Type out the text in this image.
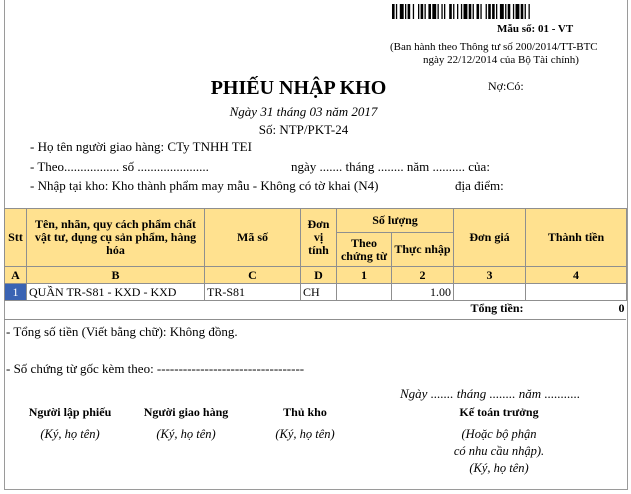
Mẫu số: 01 - VT
(Ban hành theo Thông tư số 200/2014/TT-BTC
ngày 22/12/2014 của Bộ Tài chính)
PHIẾU NHẬP KHO	Nợ:Có:
Ngày 31 tháng 03 năm 2017
Số: NTP/PKT-24
- Họ tên người giao hàng: CTy TNHH TEI
- Theo................. số ......................	ngày ....... tháng ........ năm .......... của:
- Nhập tại kho: Kho thành phẩm may mẫu - Không có tờ khai (N4)	địa điểm:
Stt	Tên, nhãn, quy cách phẩm chất vật tư, dụng cụ sản phẩm, hàng hóa	Mã số	Đơn vị tính	Số lượng		Đơn giá	Thành tiền
				Theo chứng từ	Thực nhập		
A	B	C	D	1	2	3	4
1	QUẦN TR-S81 - KXD - KXD	TR-S81	CH		1.00		
						Tổng tiền:	0
- Tổng số tiền (Viết bằng chữ): Không đồng.
- Số chứng từ gốc kèm theo: ----------------------------------
Ngày ....... tháng ........ năm ...........
Người lập phiếu	Người giao hàng	Thủ kho	Kế toán trưởng
(Ký, họ tên)	(Ký, họ tên)	(Ký, họ tên)	(Hoặc bộ phận
có nhu cầu nhập).
(Ký, họ tên)
